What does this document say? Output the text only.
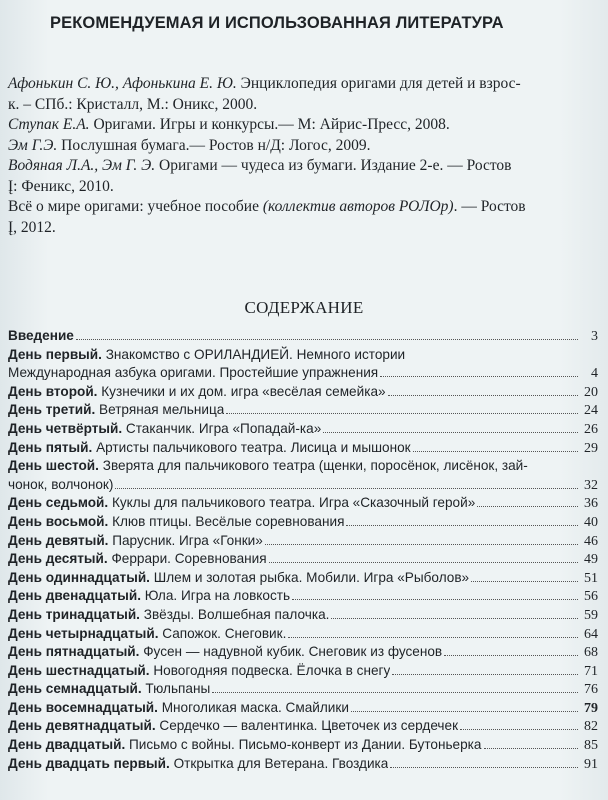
РЕКОМЕНДУЕМАЯ И ИСПОЛЬЗОВАННАЯ ЛИТЕРАТУРА
Афонькин С. Ю., Афонькина Е. Ю. Энциклопедия оригами для детей и взрос-
к. – СПб.: Кристалл, М.: Оникс, 2000.
Ступак Е.А. Оригами. Игры и конкурсы.— М: Айрис-Пресс, 2008.
Эм Г.Э. Послушная бумага.— Ростов н/Д: Логос, 2009.
Водяная Л.А., Эм Г. Э. Оригами — чудеса из бумаги. Издание 2-е. — Ростов
Į: Феникс, 2010.
Всё о мире оригами: учебное пособие (коллектив авторов РОЛОр). — Ростов
Į, 2012.
СОДЕРЖАНИЕ
Введение	3
День первый. Знакомство с ОРИЛАНДИЕЙ. Немного истории
Международная азбука оригами. Простейшие упражнения	4
День второй. Кузнечики и их дом. игра «весёлая семейка»	20
День третий. Ветряная мельница	24
День четвёртый. Стаканчик. Игра «Попадай-ка»	26
День пятый. Артисты пальчикового театра. Лисица и мышонок	29
День шестой. Зверята для пальчикового театра (щенки, поросёнок, лисёнок, зай-
чонок, волчонок)	32
День седьмой. Куклы для пальчикового театра. Игра «Сказочный герой»	36
День восьмой. Клюв птицы. Весёлые соревнования	40
День девятый. Парусник. Игра «Гонки»	46
День десятый. Феррари. Соревнования	49
День одиннадцатый. Шлем и золотая рыбка. Мобили. Игра «Рыболов»	51
День двенадцатый. Юла. Игра на ловкость	56
День тринадцатый. Звёзды. Волшебная палочка.	59
День четырнадцатый. Сапожок. Снеговик.	64
День пятнадцатый. Фусен — надувной кубик. Снеговик из фусенов	68
День шестнадцатый. Новогодняя подвеска. Ёлочка в снегу	71
День семнадцатый. Тюльпаны	76
День восемнадцатый. Многоликая маска. Смайлики	79
День девятнадцатый. Сердечко — валентинка. Цветочек из сердечек	82
День двадцатый. Письмо с войны. Письмо-конверт из Дании. Бутоньерка	85
День двадцать первый. Открытка для Ветерана. Гвоздика	91
